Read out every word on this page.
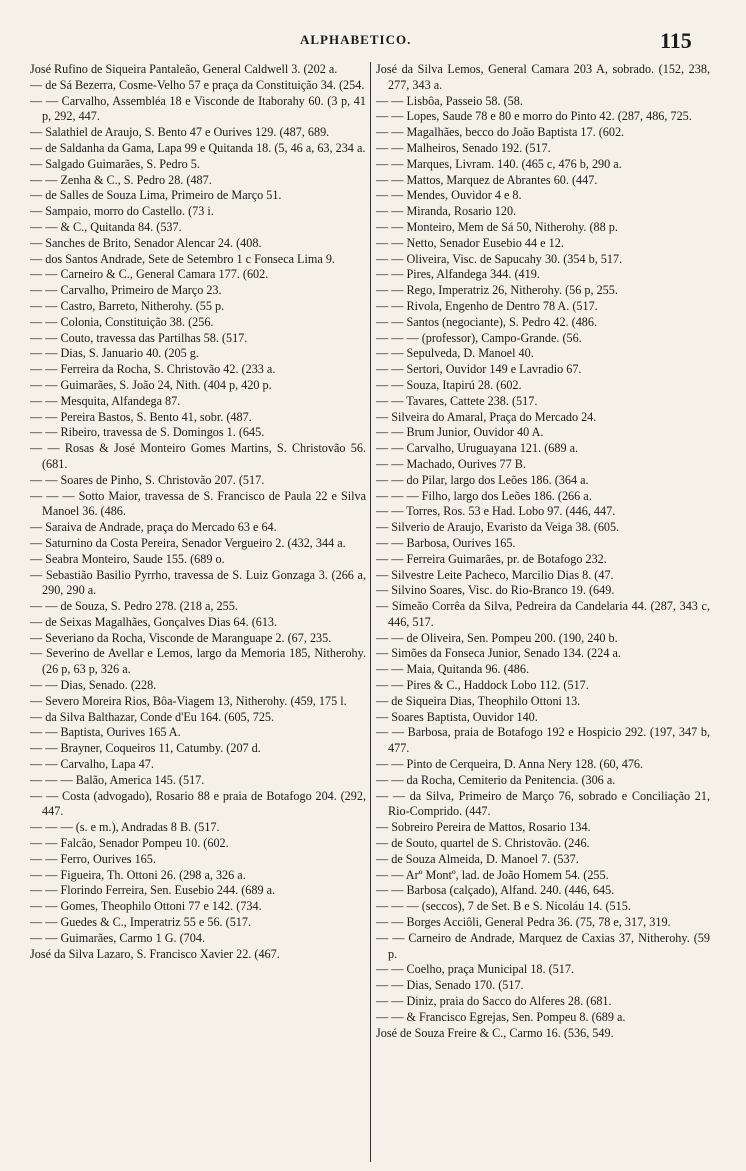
ALPHABETICO.	115

José Rufino de Siqueira Pantaleão, General Caldwell 3. (202 a.

— de Sá Bezerra, Cosme-Velho 57 e praça da Constituição 34. (254.

— — Carvalho, Assembléa 18 e Visconde de Itaborahy 60. (3 p, 41 p, 292, 447.

— Salathiel de Araujo, S. Bento 47 e Ourives 129. (487, 689.

— de Saldanha da Gama, Lapa 99 e Quitanda 18. (5, 46 a, 63, 234 a.

— Salgado Guimarães, S. Pedro 5.

— — Zenha & C., S. Pedro 28. (487.

— de Salles de Souza Lima, Primeiro de Março 51.

— Sampaio, morro do Castello. (73 i.

— — & C., Quitanda 84. (537.

— Sanches de Brito, Senador Alencar 24. (408.

— dos Santos Andrade, Sete de Setembro 1 c Fonseca Lima 9.

— — Carneiro & C., General Camara 177. (602.

— — Carvalho, Primeiro de Março 23.

— — Castro, Barreto, Nitherohy. (55 p.

— — Colonia, Constituição 38. (256.

— — Couto, travessa das Partilhas 58. (517.

— — Dias, S. Januario 40. (205 g.

— — Ferreira da Rocha, S. Christovão 42. (233 a.

— — Guimarães, S. João 24, Nith. (404 p, 420 p.

— — Mesquita, Alfandega 87.

— — Pereira Bastos, S. Bento 41, sobr. (487.

— — Ribeiro, travessa de S. Domingos 1. (645.

— — Rosas & José Monteiro Gomes Martins, S. Christovão 56. (681.

— — Soares de Pinho, S. Christovão 207. (517.

— — — Sotto Maior, travessa de S. Francisco de Paula 22 e Silva Manoel 36. (486.

— Saraiva de Andrade, praça do Mercado 63 e 64.

— Saturnino da Costa Pereira, Senador Vergueiro 2. (432, 344 a.

— Seabra Monteiro, Saude 155. (689 o.

— Sebastião Basilio Pyrrho, travessa de S. Luiz Gonzaga 3. (266 a, 290, 290 a.

— — de Souza, S. Pedro 278. (218 a, 255.

— de Seixas Magalhães, Gonçalves Dias 64. (613.

— Severiano da Rocha, Visconde de Maranguape 2. (67, 235.

— Severino de Avellar e Lemos, largo da Memoria 185, Nitherohy. (26 p, 63 p, 326 a.

— — Dias, Senado. (228.

— Severo Moreira Rios, Bôa-Viagem 13, Nitherohy. (459, 175 l.

— da Silva Balthazar, Conde d'Eu 164. (605, 725.

— — Baptista, Ourives 165 A.

— — Brayner, Coqueiros 11, Catumby. (207 d.

— — Carvalho, Lapa 47.

— — — Balão, America 145. (517.

— — Costa (advogado), Rosario 88 e praia de Botafogo 204. (292, 447.

— — — (s. e m.), Andradas 8 B. (517.

— — Falcão, Senador Pompeu 10. (602.

— — Ferro, Ourives 165.

— — Figueira, Th. Ottoni 26. (298 a, 326 a.

— — Florindo Ferreira, Sen. Eusebio 244. (689 a.

— — Gomes, Theophilo Ottoni 77 e 142. (734.

— — Guedes & C., Imperatriz 55 e 56. (517.

— — Guimarães, Carmo 1 G. (704.

José da Silva Lazaro, S. Francisco Xavier 22. (467.

José da Silva Lemos, General Camara 203 A, sobrado. (152, 238, 277, 343 a.

— — Lisbôa, Passeio 58. (58.

— — Lopes, Saude 78 e 80 e morro do Pinto 42. (287, 486, 725.

— — Magalhães, becco do João Baptista 17. (602.

— — Malheiros, Senado 192. (517.

— — Marques, Livram. 140. (465 c, 476 b, 290 a.

— — Mattos, Marquez de Abrantes 60. (447.

— — Mendes, Ouvidor 4 e 8.

— — Miranda, Rosario 120.

— — Monteiro, Mem de Sá 50, Nitherohy. (88 p.

— — Netto, Senador Eusebio 44 e 12.

— — Oliveira, Visc. de Sapucahy 30. (354 b, 517.

— — Pires, Alfandega 344. (419.

— — Rego, Imperatriz 26, Nitherohy. (56 p, 255.

— — Rivola, Engenho de Dentro 78 A. (517.

— — Santos (negociante), S. Pedro 42. (486.

— — — (professor), Campo-Grande. (56.

— — Sepulveda, D. Manoel 40.

— — Sertori, Ouvidor 149 e Lavradio 67.

— — Souza, Itapirú 28. (602.

— — Tavares, Cattete 238. (517.

— Silveira do Amaral, Praça do Mercado 24.

— — Brum Junior, Ouvidor 40 A.

— — Carvalho, Uruguayana 121. (689 a.

— — Machado, Ourives 77 B.

— — do Pilar, largo dos Leões 186. (364 a.

— — — Filho, largo dos Leões 186. (266 a.

— — Torres, Ros. 53 e Had. Lobo 97. (446, 447.

— Silverio de Araujo, Evaristo da Veiga 38. (605.

— — Barbosa, Ourives 165.

— — Ferreira Guimarães, pr. de Botafogo 232.

— Silvestre Leite Pacheco, Marcilio Dias 8. (47.

— Silvino Soares, Visc. do Rio-Branco 19. (649.

— Simeão Corrêa da Silva, Pedreira da Candelaria 44. (287, 343 c, 446, 517.

— — de Oliveira, Sen. Pompeu 200. (190, 240 b.

— Simões da Fonseca Junior, Senado 134. (224 a.

— — Maia, Quitanda 96. (486.

— — Pires & C., Haddock Lobo 112. (517.

— de Siqueira Dias, Theophilo Ottoni 13.

— Soares Baptista, Ouvidor 140.

— — Barbosa, praia de Botafogo 192 e Hospicio 292. (197, 347 b, 477.

— — Pinto de Cerqueira, D. Anna Nery 128. (60, 476.

— — da Rocha, Cemiterio da Penitencia. (306 a.

— — da Silva, Primeiro de Março 76, sobrado e Conciliação 21, Rio-Comprido. (447.

— Sobreiro Pereira de Mattos, Rosario 134.

— de Souto, quartel de S. Christovão. (246.

— de Souza Almeida, D. Manoel 7. (537.

— — Arº Montº, lad. de João Homem 54. (255.

— — Barbosa (calçado), Alfand. 240. (446, 645.

— — — (seccos), 7 de Set. B e S. Nicoláu 14. (515.

— — Borges Acciôli, General Pedra 36. (75, 78 e, 317, 319.

— — Carneiro de Andrade, Marquez de Caxias 37, Nitherohy. (59 p.

— — Coelho, praça Municipal 18. (517.

— — Dias, Senado 170. (517.

— — Diniz, praia do Sacco do Alferes 28. (681.

— — & Francisco Egrejas, Sen. Pompeu 8. (689 a.

José de Souza Freire & C., Carmo 16. (536, 549.
